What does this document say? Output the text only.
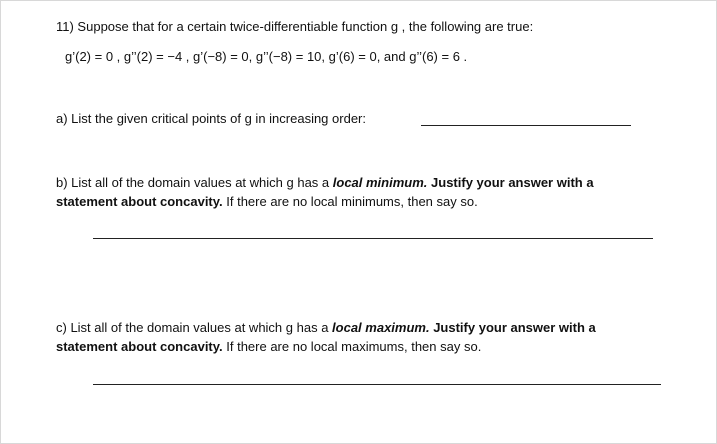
11) Suppose that for a certain twice-differentiable function g , the following are true:
g’(2) = 0 , g’’(2) = −4 , g’(−8) = 0, g’’(−8) = 10, g’(6) = 0, and g’’(6) = 6 .
a) List the given critical points of g in increasing order:
b) List all of the domain values at which g has a local minimum. Justify your answer with a
statement about concavity. If there are no local minimums, then say so.
c) List all of the domain values at which g has a local maximum. Justify your answer with a
statement about concavity. If there are no local maximums, then say so.
